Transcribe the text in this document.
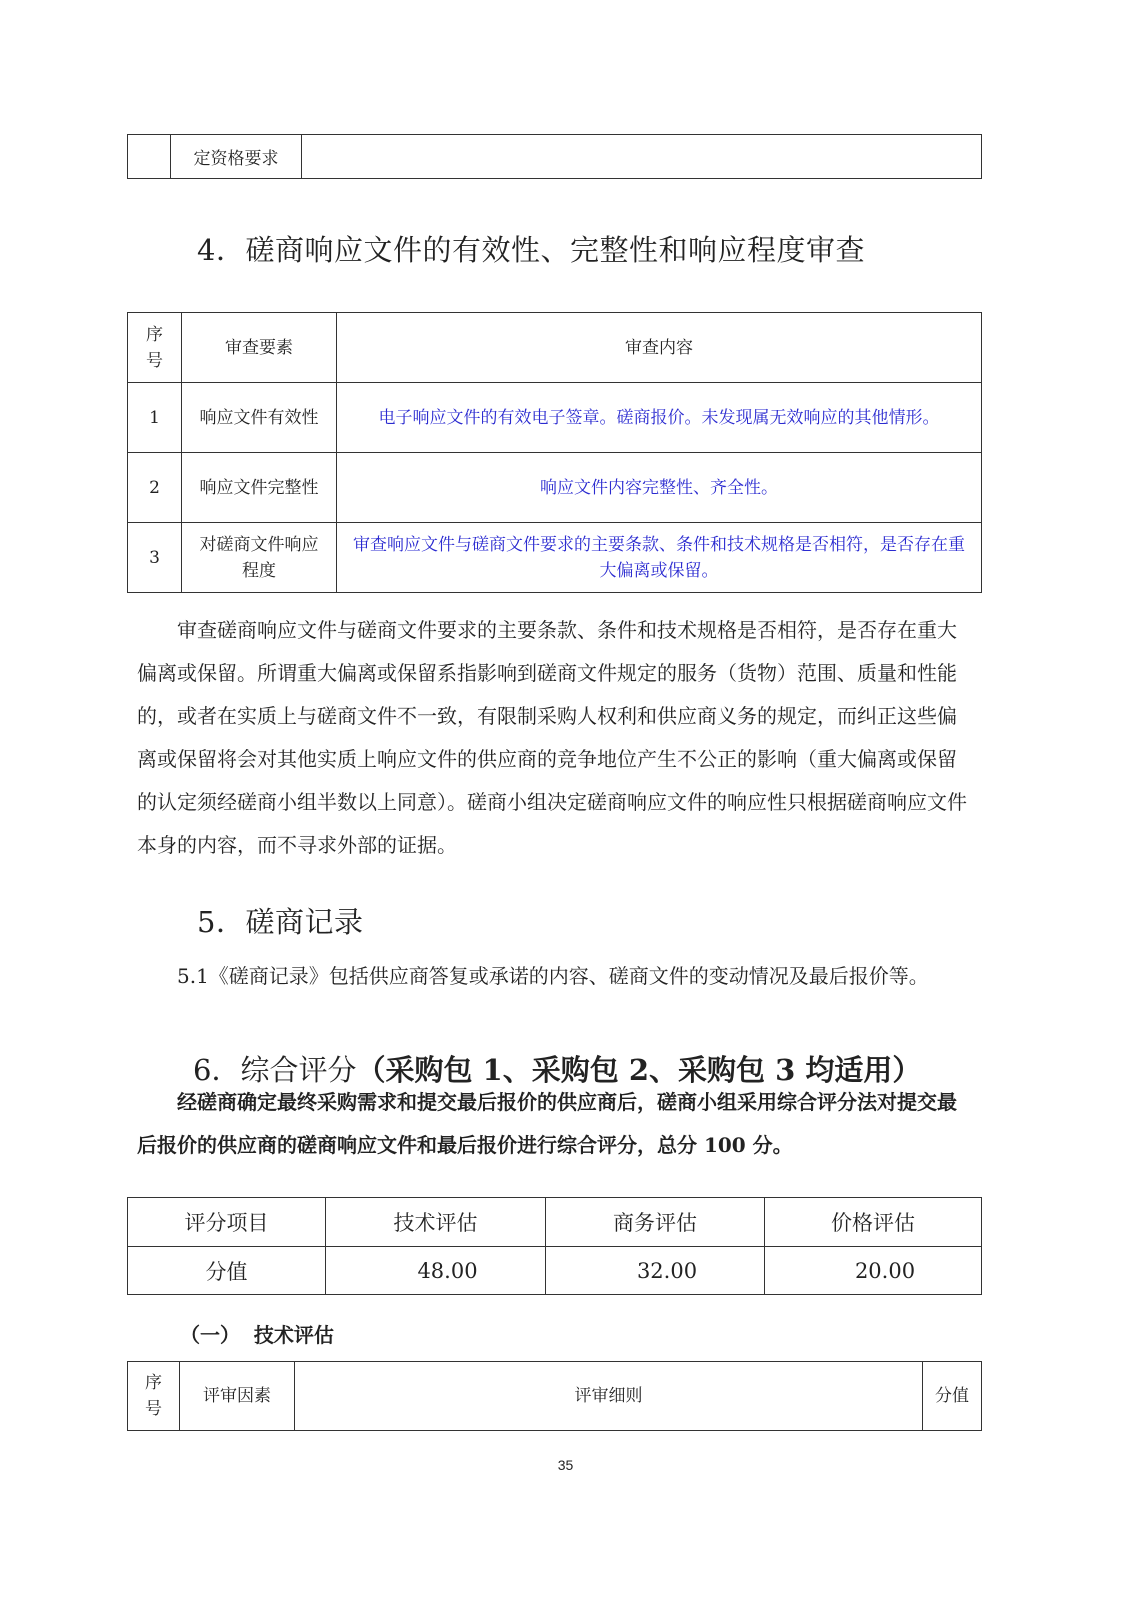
	定资格要求	
4．磋商响应文件的有效性、完整性和响应程度审查
序
号	审查要素	审查内容
1	响应文件有效性	电子响应文件的有效电子签章。磋商报价。未发现属无效响应的其他情形。
2	响应文件完整性	响应文件内容完整性、齐全性。
3	对磋商文件响应程度	审查响应文件与磋商文件要求的主要条款、条件和技术规格是否相符，是否存在重大偏离或保留。
审查磋商响应文件与磋商文件要求的主要条款、条件和技术规格是否相符，是否存在重大偏离或保留。所谓重大偏离或保留系指影响到磋商文件规定的服务（货物）范围、质量和性能的，或者在实质上与磋商文件不一致，有限制采购人权利和供应商义务的规定，而纠正这些偏离或保留将会对其他实质上响应文件的供应商的竞争地位产生不公正的影响（重大偏离或保留的认定须经磋商小组半数以上同意）。磋商小组决定磋商响应文件的响应性只根据磋商响应文件本身的内容，而不寻求外部的证据。
5．磋商记录
5.1《磋商记录》包括供应商答复或承诺的内容、磋商文件的变动情况及最后报价等。
6．综合评分（采购包 1、采购包 2、采购包 3 均适用）
经磋商确定最终采购需求和提交最后报价的供应商后，磋商小组采用综合评分法对提交最后报价的供应商的磋商响应文件和最后报价进行综合评分，总分 100 分。
评分项目	技术评估	商务评估	价格评估
分值	48.00	32.00	20.00
（一）  技术评估
序
号	评审因素	评审细则	分值
35
